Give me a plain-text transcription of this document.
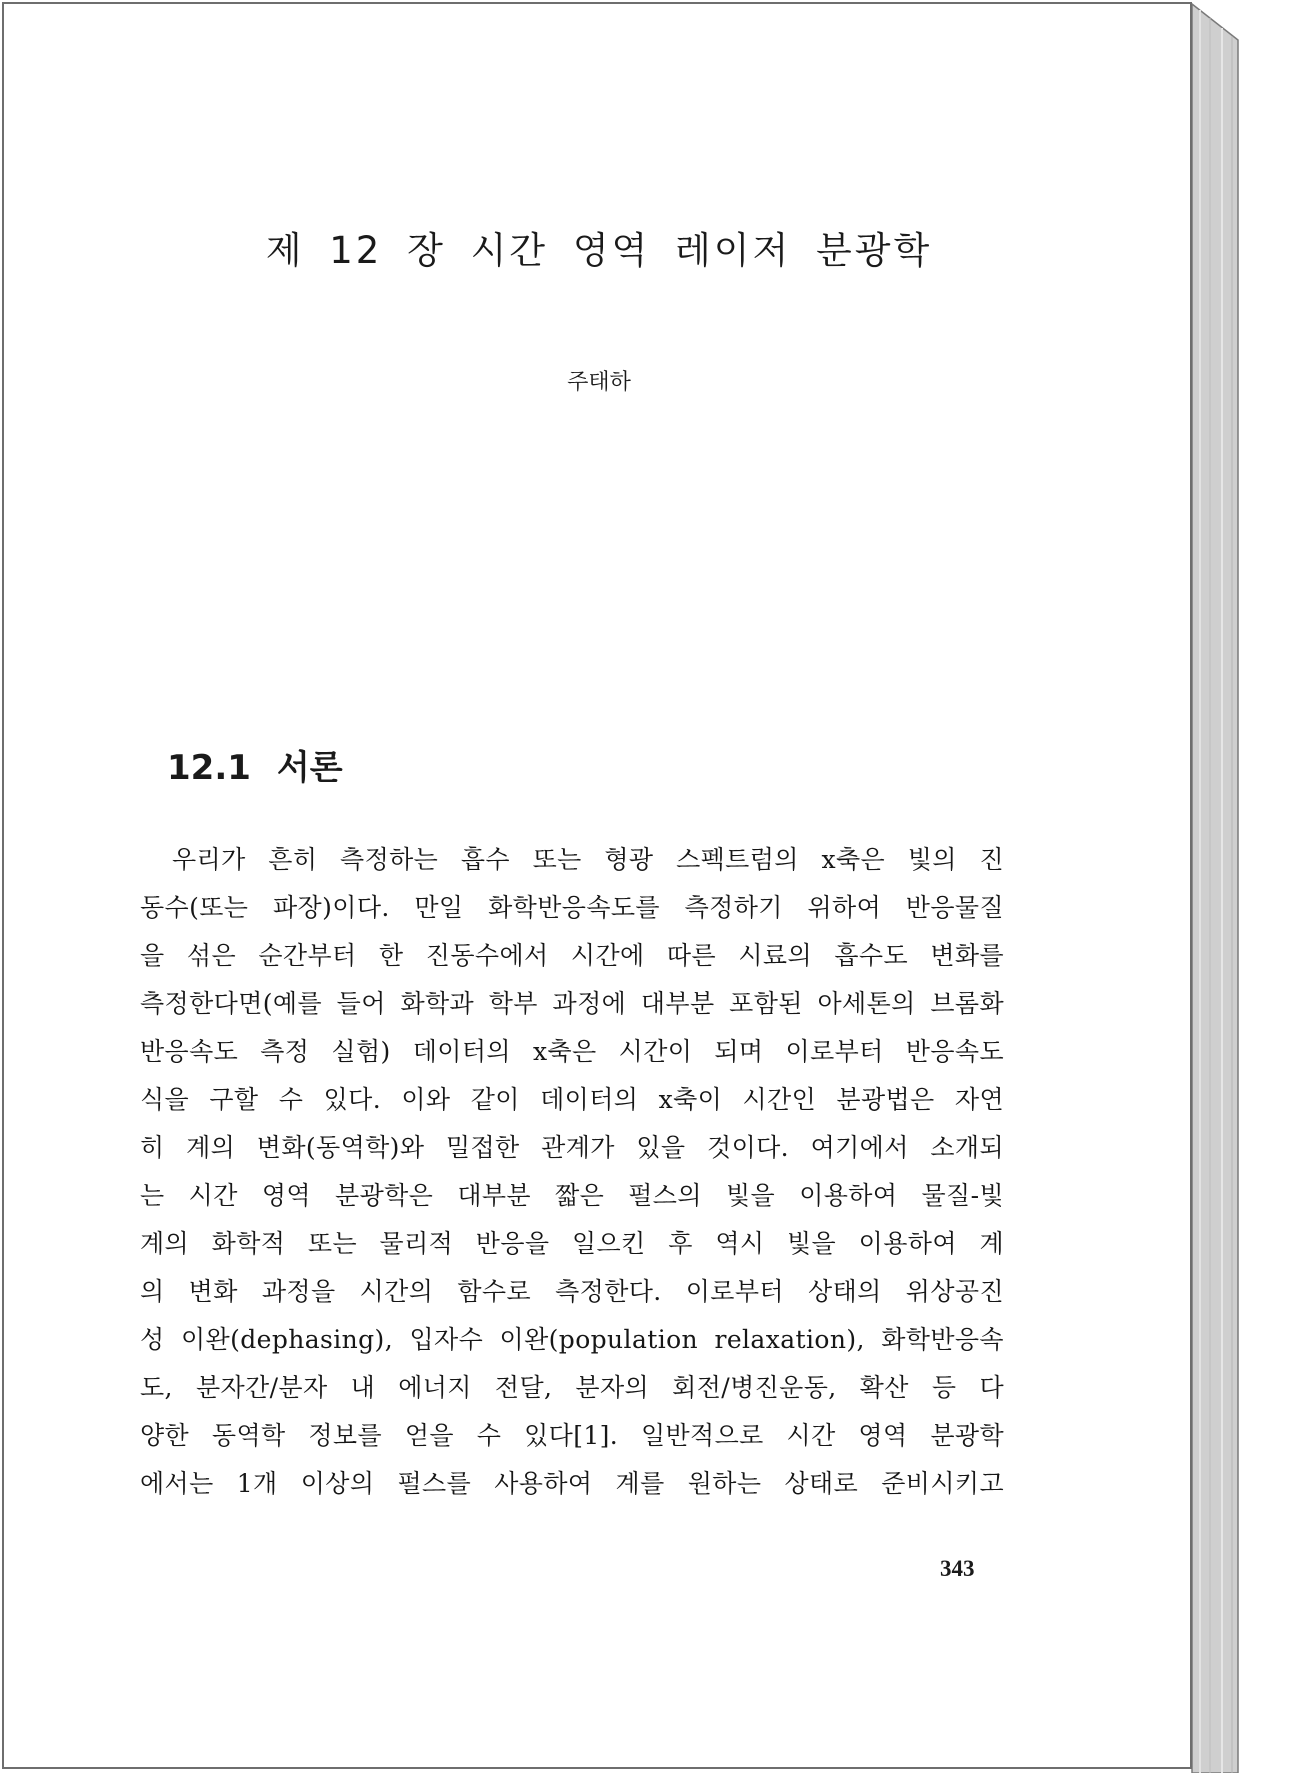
제 12 장 시간 영역 레이저 분광학

주태하

12.1 서론
우리가 흔히 측정하는 흡수 또는 형광 스펙트럼의 x축은 빛의 진
동수(또는 파장)이다. 만일 화학반응속도를 측정하기 위하여 반응물질
을 섞은 순간부터 한 진동수에서 시간에 따른 시료의 흡수도 변화를
측정한다면(예를 들어 화학과 학부 과정에 대부분 포함된 아세톤의 브롬화
반응속도 측정 실험) 데이터의 x축은 시간이 되며 이로부터 반응속도
식을 구할 수 있다. 이와 같이 데이터의 x축이 시간인 분광법은 자연
히 계의 변화(동역학)와 밀접한 관계가 있을 것이다. 여기에서 소개되
는 시간 영역 분광학은 대부분 짧은 펄스의 빛을 이용하여 물질-빛
계의 화학적 또는 물리적 반응을 일으킨 후 역시 빛을 이용하여 계
의 변화 과정을 시간의 함수로 측정한다. 이로부터 상태의 위상공진
성 이완(dephasing), 입자수 이완(population relaxation), 화학반응속
도, 분자간/분자 내 에너지 전달, 분자의 회전/병진운동, 확산 등 다
양한 동역학 정보를 얻을 수 있다[1]. 일반적으로 시간 영역 분광학
에서는 1개 이상의 펄스를 사용하여 계를 원하는 상태로 준비시키고

343
